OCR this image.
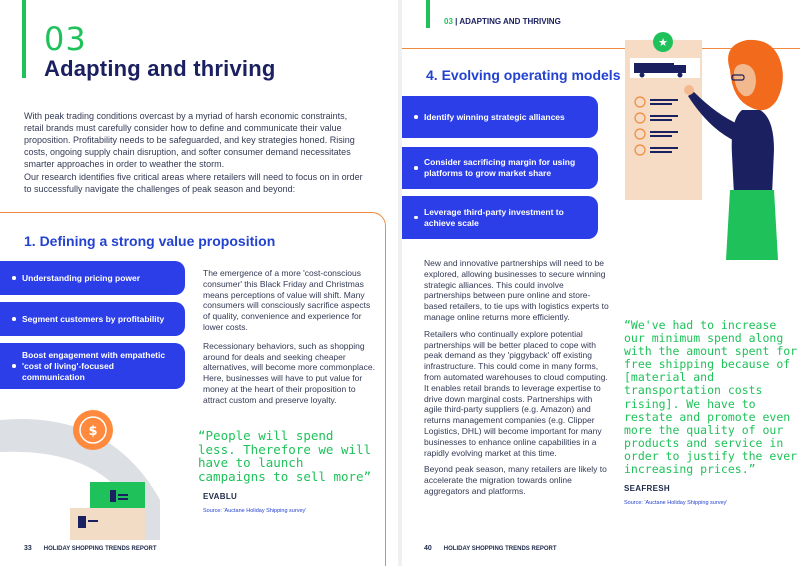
03
Adapting and thriving

With peak trading conditions overcast by a myriad of harsh economic constraints, retail brands must carefully consider how to define and communicate their value proposition. Profitability needs to be safeguarded, and key strategies honed. Rising costs, ongoing supply chain disruption, and softer consumer demand necessitates smarter approaches in order to weather the storm.

Our research identifies five critical areas where retailers will need to focus on in order to successfully navigate the challenges of peak season and beyond:

$
1. Defining a strong value proposition
Understanding pricing power
Segment customers by profitability
Boost engagement with empathetic 'cost of living'-focused communication

The emergence of a more 'cost-conscious consumer' this Black Friday and Christmas means perceptions of value will shift. Many consumers will consciously sacrifice aspects of quality, convenience and experience for lower costs.

Recessionary behaviors, such as shopping around for deals and seeking cheaper alternatives, will become more commonplace. Here, businesses will have to put value for money at the heart of their proposition to attract custom and preserve loyalty.

“People will spend less. Therefore we will have to launch campaigns to sell more”
EVABLU
Source: 'Auctane Holiday Shipping survey'
33 HOLIDAY SHOPPING TRENDS REPORT
03 | ADAPTING AND THRIVING
4. Evolving operating models
Identify winning strategic alliances
Consider sacrificing margin for using platforms to grow market share
Leverage third-party investment to achieve scale

New and innovative partnerships will need to be explored, allowing businesses to secure winning strategic alliances. This could involve partnerships between pure online and store-based retailers, to tie ups with logistics experts to manage online returns more efficiently.

Retailers who continually explore potential partnerships will be better placed to cope with peak demand as they 'piggyback' off existing infrastructure. This could come in many forms, from automated warehouses to cloud computing. It enables retail brands to leverage expertise to drive down marginal costs. Partnerships with agile third-party suppliers (e.g. Amazon) and returns management companies (e.g. Clipper Logistics, DHL) will become important for many businesses to enhance online capabilities in a rapidly evolving market at this time.

Beyond peak season, many retailers are likely to accelerate the migration towards online aggregators and platforms.

“We've had to increase our minimum spend along with the amount spent for free shipping because of [material and transportation costs rising]. We have to restate and promote even more the quality of our products and service in order to justify the ever increasing prices.”
SEAFRESH
Source: 'Auctane Holiday Shipping survey'
★
40 HOLIDAY SHOPPING TRENDS REPORT
